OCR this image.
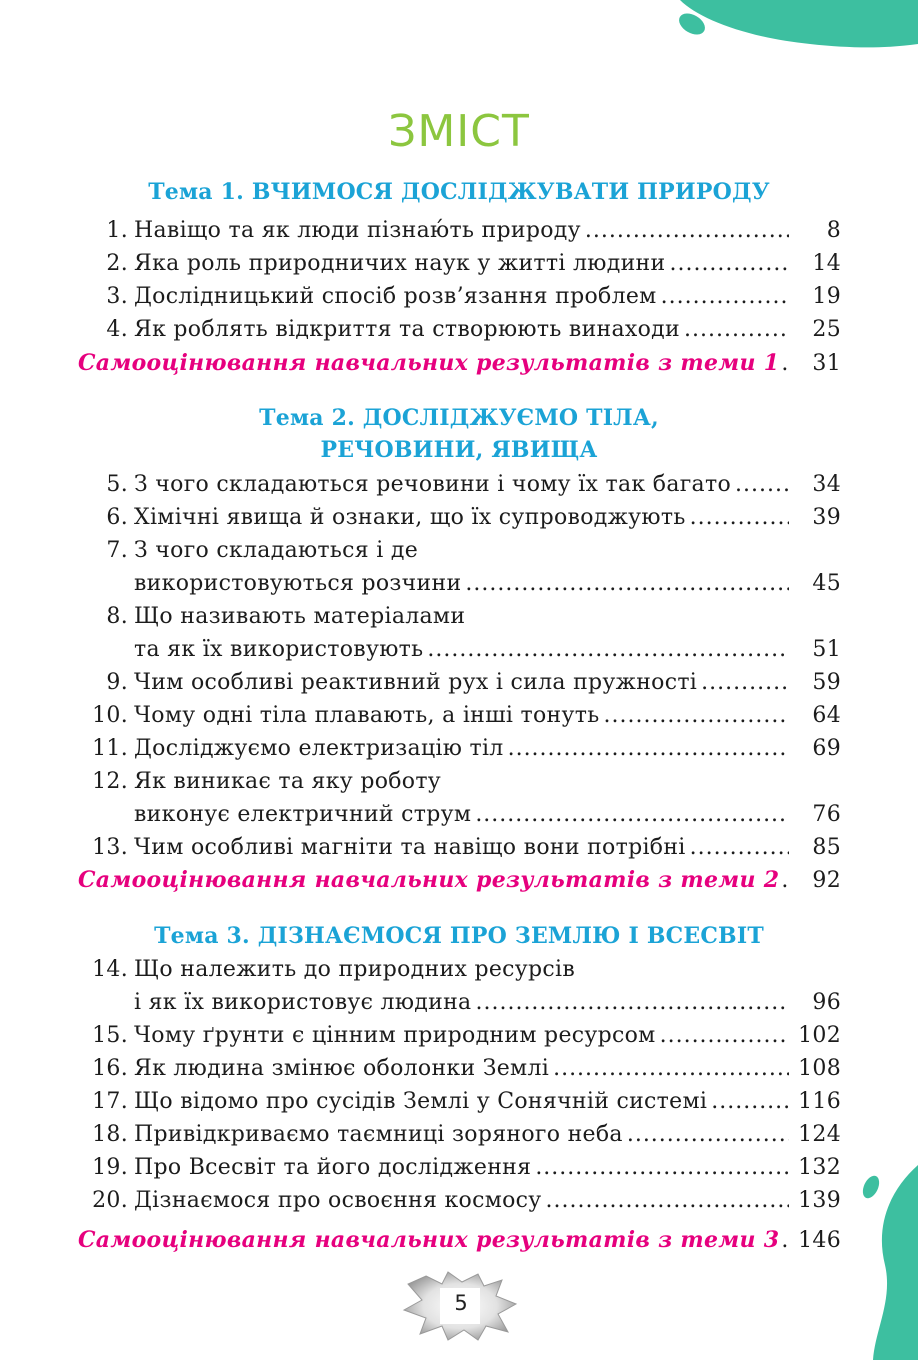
ЗМІСТ
Тема 1. ВЧИМОСЯ ДОСЛІДЖУВАТИ ПРИРОДУ
1. Навіщо та як люди пізнаю́ть природу .....	8
2. Яка роль природничих наук у житті людини .....	14
3. Дослідницький спосіб розв’язання проблем .....	19
4. Як роблять відкриття та створюють винаходи .....	25
Самооцінювання навчальних результатів з теми 1 .....	31
Тема 2. ДОСЛІДЖУЄМО ТІЛА,
РЕЧОВИНИ, ЯВИЩА
5. З чого складаються речовини і чому їх так багато .....	34
6. Хімічні явища й ознаки, що їх супроводжують .....	39
7. З чого складаються і де
використовуються розчини .....	45
8. Що називають матеріалами
та як їх використовують .....	51
9. Чим особливі реактивний рух і сила пружності .....	59
10. Чому одні тіла плавають, а інші тонуть .....	64
11. Досліджуємо електризацію тіл .....	69
12. Як виникає та яку роботу
виконує електричний струм .....	76
13. Чим особливі магніти та навіщо вони потрібні .....	85
Самооцінювання навчальних результатів з теми 2 .....	92
Тема 3. ДІЗНАЄМОСЯ ПРО ЗЕМЛЮ І ВСЕСВІТ
14. Що належить до природних ресурсів
і як їх використовує людина .....	96
15. Чому ґрунти є цінним природним ресурсом .....	102
16. Як людина змінює оболонки Землі .....	108
17. Що відомо про сусідів Землі у Сонячній системі .....	116
18. Привідкриваємо таємниці зоряного неба .....	124
19. Про Всесвіт та його дослідження .....	132
20. Дізнаємося про освоєння космосу .....	139
Самооцінювання навчальних результатів з теми 3 ..... 146
5
